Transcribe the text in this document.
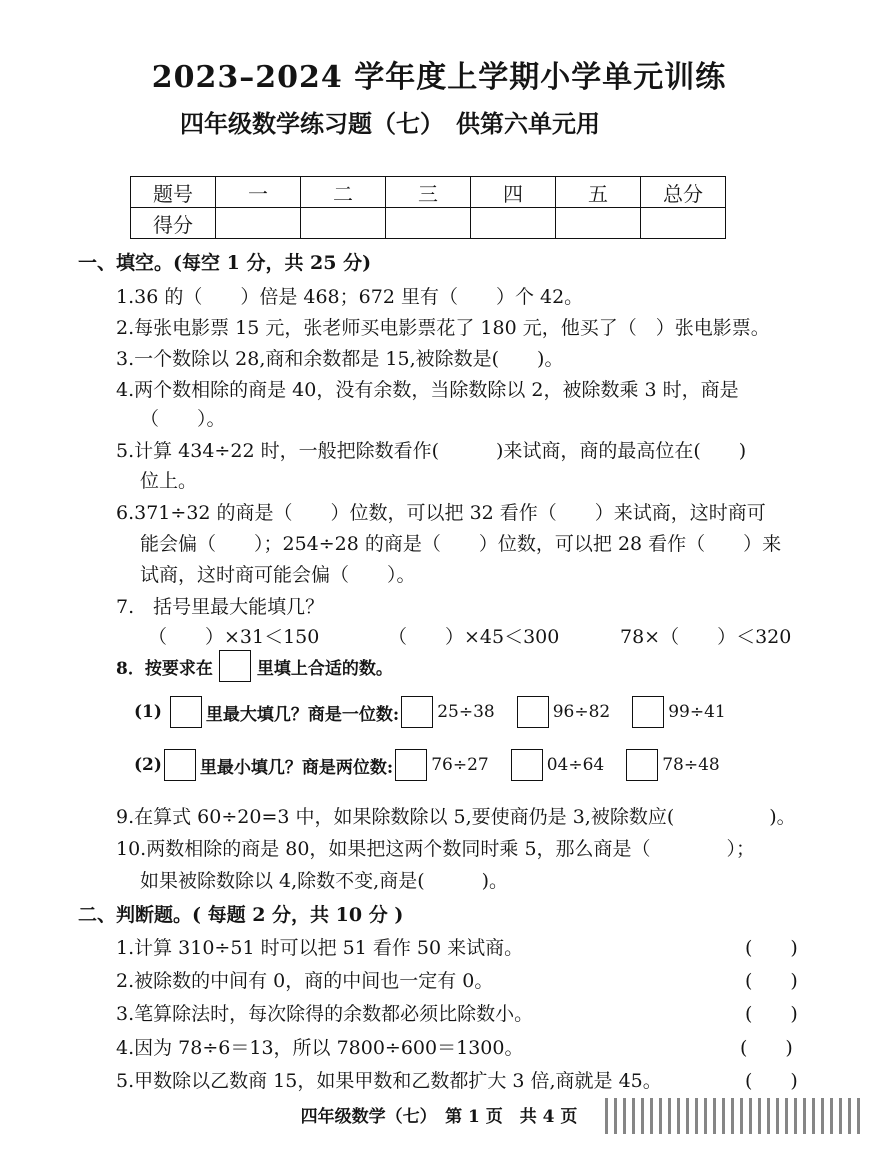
2023–2024 学年度上学期小学单元训练
四年级数学练习题（七）　供第六单元用
题号	一	二	三	四	五	总分
得分						
一、填空。(每空 1 分，共 25 分)
1.36 的（　　）倍是 468；672 里有（　　）个 42。
2.每张电影票 15 元，张老师买电影票花了 180 元，他买了（　）张电影票。
3.一个数除以 28,商和余数都是 15,被除数是(　　)。
4.两个数相除的商是 40，没有余数，当除数除以 2，被除数乘 3 时，商是
（　　）。
5.计算 434÷22 时，一般把除数看作(　　　)来试商，商的最高位在(　　)
位上。
6.371÷32 的商是（　　）位数，可以把 32 看作（　　）来试商，这时商可
能会偏（　　）；254÷28 的商是（　　）位数，可以把 28 看作（　　）来
试商，这时商可能会偏（　　）。
7.　括号里最大能填几？
（　　）×31＜150	（　　）×45＜300	78×（　　）＜320
8．按要求在	里填上合适的数。
(1)	里最大填几？商是一位数: 25÷38	96÷82	99÷41
(2) 里最小填几？商是两位数: 76÷27	04÷64	78÷48
9.在算式 60÷20=3 中，如果除数除以 5,要使商仍是 3,被除数应(　　　　　)。
10.两数相除的商是 80，如果把这两个数同时乘 5，那么商是（　　　　）；
如果被除数除以 4,除数不变,商是(　　　)。
二、判断题。( 每题 2 分，共 10 分 )
1.计算 310÷51 时可以把 51 看作 50 来试商。	(　　)
2.被除数的中间有 0，商的中间也一定有 0。	(　　)
3.笔算除法时，每次除得的余数都必须比除数小。	(　　)
4.因为 78÷6＝13，所以 7800÷600＝1300。	(　　)
5.甲数除以乙数商 15，如果甲数和乙数都扩大 3 倍,商就是 45。	(　　)
四年级数学（七）　第 1 页　共 4 页
